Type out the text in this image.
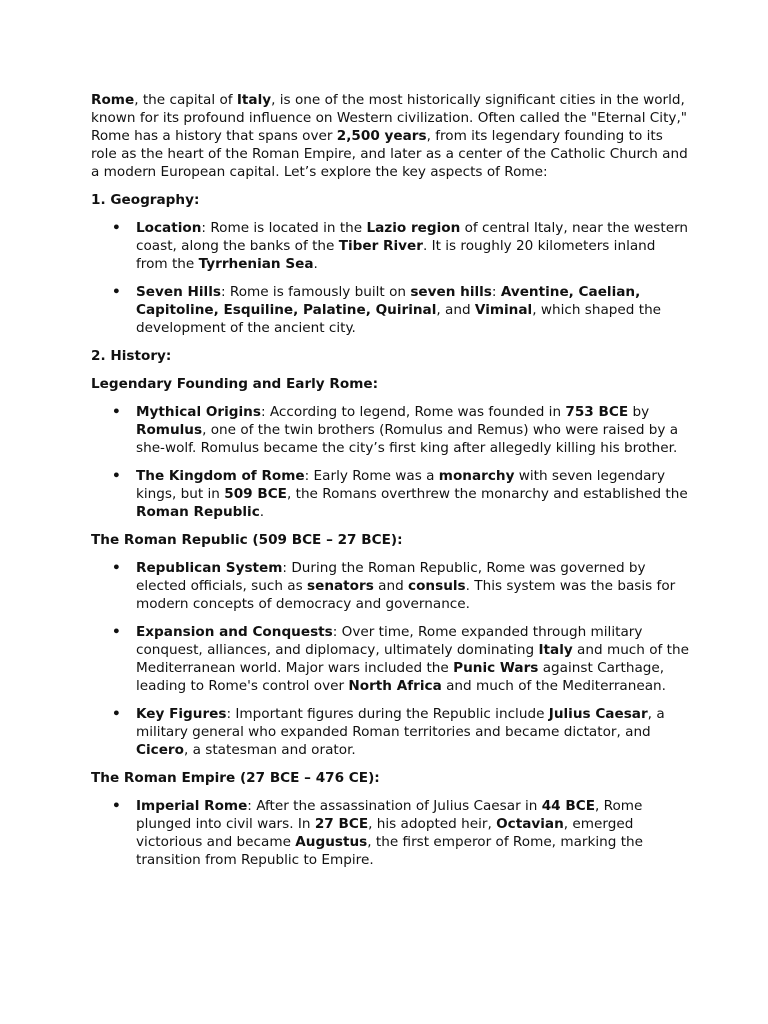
Rome, the capital of Italy, is one of the most historically significant cities in the world, known for its profound influence on Western civilization. Often called the "Eternal City," Rome has a history that spans over 2,500 years, from its legendary founding to its role as the heart of the Roman Empire, and later as a center of the Catholic Church and a modern European capital. Let’s explore the key aspects of Rome:

1. Geography:

• Location: Rome is located in the Lazio region of central Italy, near the western coast, along the banks of the Tiber River. It is roughly 20 kilometers inland from the Tyrrhenian Sea.
• Seven Hills: Rome is famously built on seven hills: Aventine, Caelian, Capitoline, Esquiline, Palatine, Quirinal, and Viminal, which shaped the development of the ancient city.

2. History:

Legendary Founding and Early Rome:

• Mythical Origins: According to legend, Rome was founded in 753 BCE by Romulus, one of the twin brothers (Romulus and Remus) who were raised by a she-wolf. Romulus became the city’s first king after allegedly killing his brother.
• The Kingdom of Rome: Early Rome was a monarchy with seven legendary kings, but in 509 BCE, the Romans overthrew the monarchy and established the Roman Republic.

The Roman Republic (509 BCE – 27 BCE):

• Republican System: During the Roman Republic, Rome was governed by elected officials, such as senators and consuls. This system was the basis for modern concepts of democracy and governance.
• Expansion and Conquests: Over time, Rome expanded through military conquest, alliances, and diplomacy, ultimately dominating Italy and much of the Mediterranean world. Major wars included the Punic Wars against Carthage, leading to Rome's control over North Africa and much of the Mediterranean.
• Key Figures: Important figures during the Republic include Julius Caesar, a military general who expanded Roman territories and became dictator, and Cicero, a statesman and orator.

The Roman Empire (27 BCE – 476 CE):

• Imperial Rome: After the assassination of Julius Caesar in 44 BCE, Rome plunged into civil wars. In 27 BCE, his adopted heir, Octavian, emerged victorious and became Augustus, the first emperor of Rome, marking the transition from Republic to Empire.
